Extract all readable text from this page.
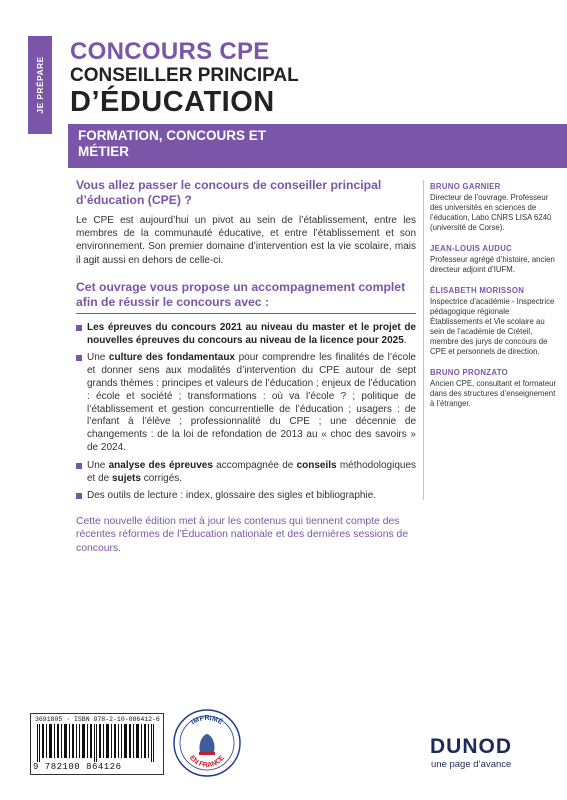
JE PRÉPARE
CONCOURS CPE
CONSEILLER PRINCIPAL
D’ÉDUCATION
FORMATION, CONCOURS ET MÉTIER

Vous allez passer le concours de conseiller principal d’éducation (CPE) ?

Le CPE est aujourd’hui un pivot au sein de l’établissement, entre les membres de la communauté éducative, et entre l’établissement et son environnement. Son premier domaine d’intervention est la vie scolaire, mais il agit aussi en dehors de celle-ci.

Cet ouvrage vous propose un accompagnement complet afin de réussir le concours avec :

Les épreuves du concours 2021 au niveau du master et le projet de nouvelles épreuves du concours au niveau de la licence pour 2025.
Une culture des fondamentaux pour comprendre les finalités de l’école et donner sens aux modalités d’intervention du CPE autour de sept grands thèmes : principes et valeurs de l’éducation ; enjeux de l’éducation : école et société ; transformations : où va l’école ? ; politique de l’établissement et gestion concurrentielle de l’éducation ; usagers : de l’enfant à l’élève ; professionnalité du CPE ; une décennie de changements : de la loi de refondation de 2013 au « choc des savoirs » de 2024.
Une analyse des épreuves accompagnée de conseils méthodologiques et de sujets corrigés.
Des outils de lecture : index, glossaire des sigles et bibliographie.

Cette nouvelle édition met à jour les contenus qui tiennent compte des récentes réformes de l’Éducation nationale et des dernières sessions de concours.

BRUNO GARNIER
Directeur de l’ouvrage. Professeur des universités en sciences de l’éducation, Labo CNRS LISA 6240 (université de Corse).
JEAN-LOUIS AUDUC
Professeur agrégé d’histoire, ancien directeur adjoint d’IUFM.
ÉLISABETH MORISSON
Inspectrice d’académie - Inspectrice pédagogique régionale Établissements et Vie scolaire au sein de l’académie de Créteil, membre des jurys de concours de CPE et personnels de direction.
BRUNO PRONZATO
Ancien CPE, consultant et formateur dans des structures d’enseignement à l’étranger.
3691805 · ISBN 978-2-10-086412-6
9 782100 864126
IMPRIMÉ
EN FRANCE
DUNOD
une page d’avance
